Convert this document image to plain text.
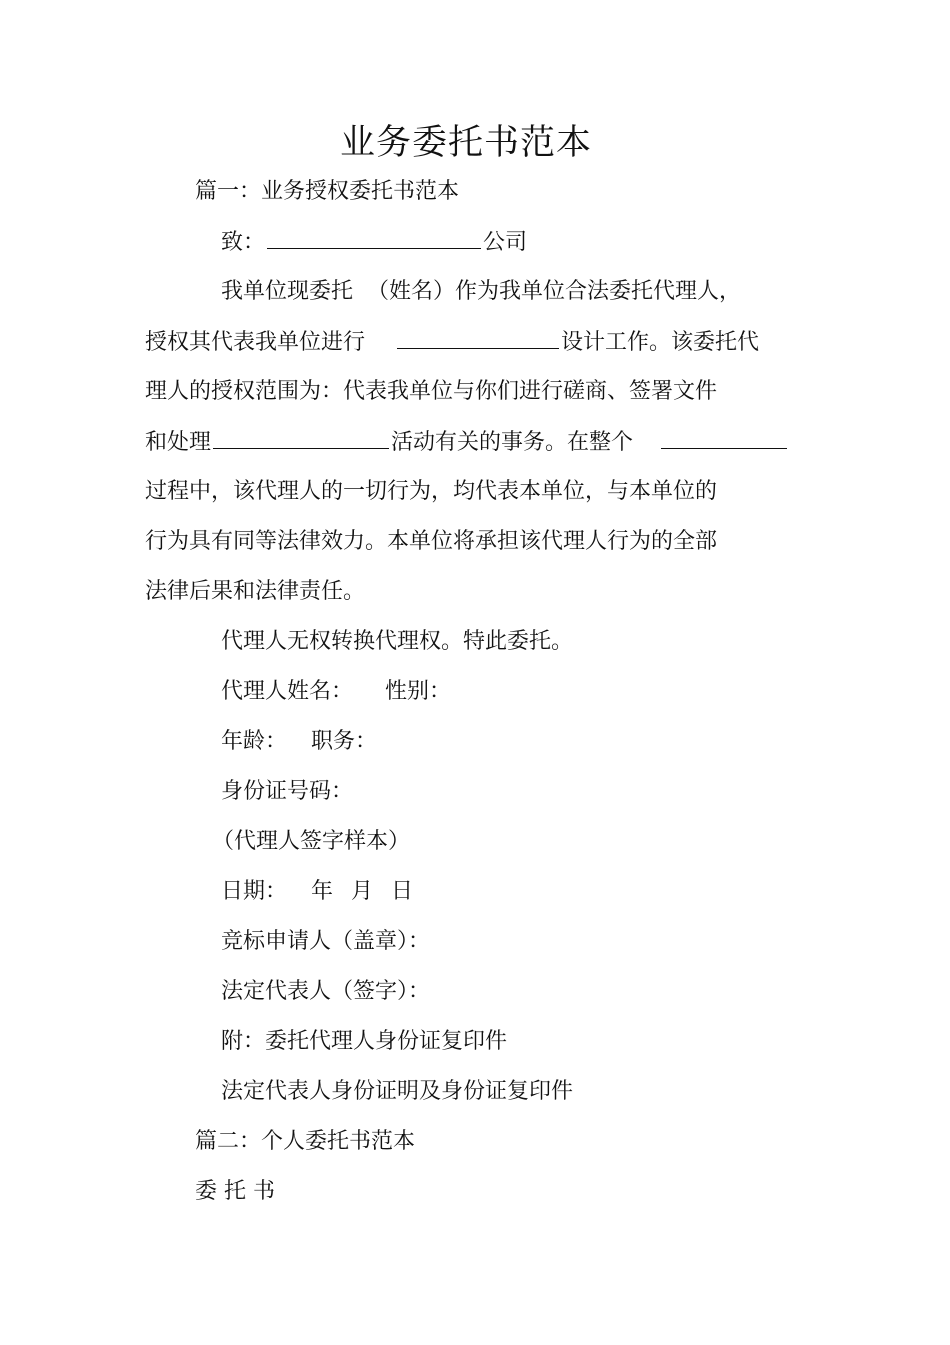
业务委托书范本
篇一：业务授权委托书范本
致：	公司
我单位现委托  （姓名）作为我单位合法委托代理人，
授权其代表我单位进行	设计工作。该委托代
理人的授权范围为：代表我单位与你们进行磋商、签署文件
和处理	活动有关的事务。在整个
过程中，该代理人的一切行为，均代表本单位，与本单位的
行为具有同等法律效力。本单位将承担该代理人行为的全部
法律后果和法律责任。
代理人无权转换代理权。特此委托。
代理人姓名： 性别：
年龄： 职务：
身份证号码：
（代理人签字样本）
日期： 年 月 日
竞标申请人（盖章）：
法定代表人（签字）：
附：委托代理人身份证复印件
法定代表人身份证明及身份证复印件
篇二：个人委托书范本
委 托 书
